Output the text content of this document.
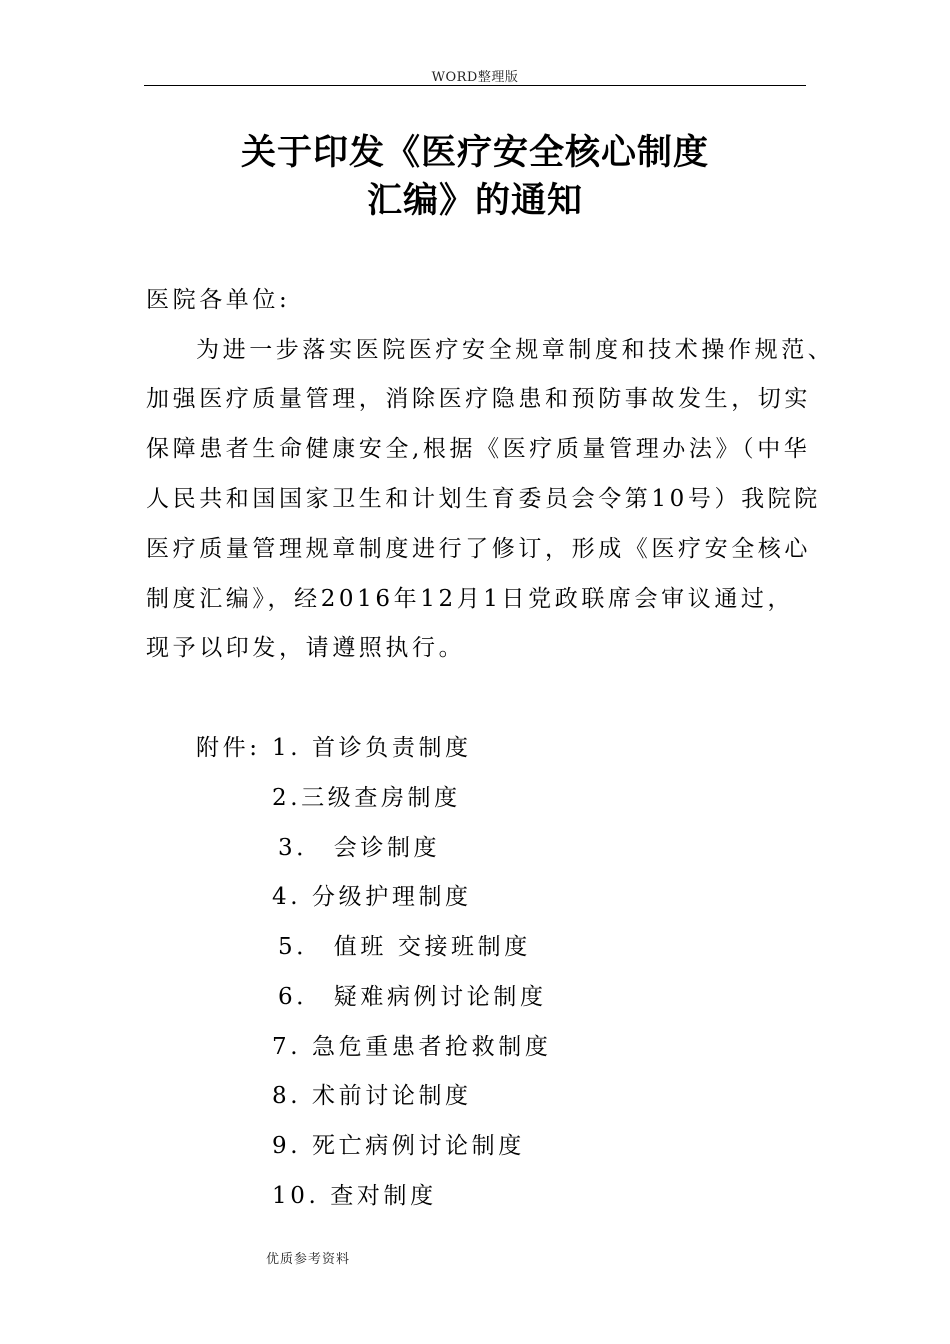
WORD整理版
关于印发《医疗安全核心制度
汇编》的通知
医院各单位:
为进一步落实医院医疗安全规章制度和技术操作规范、
加强医疗质量管理，消除医疗隐患和预防事故发生，切实
保障患者生命健康安全,根据《医疗质量管理办法》（中华
人民共和国国家卫生和计划生育委员会令第10号）我院院
医疗质量管理规章制度进行了修订，形成《医疗安全核心
制度汇编》，经2016年12月1日党政联席会审议通过，
现予以印发，请遵照执行。
附件: 1. 首诊负责制度
2.三级查房制度
3． 会诊制度
4. 分级护理制度
5． 值班 交接班制度
6． 疑难病例讨论制度
7. 急危重患者抢救制度
8. 术前讨论制度
9. 死亡病例讨论制度
10. 查对制度
优质参考资料
